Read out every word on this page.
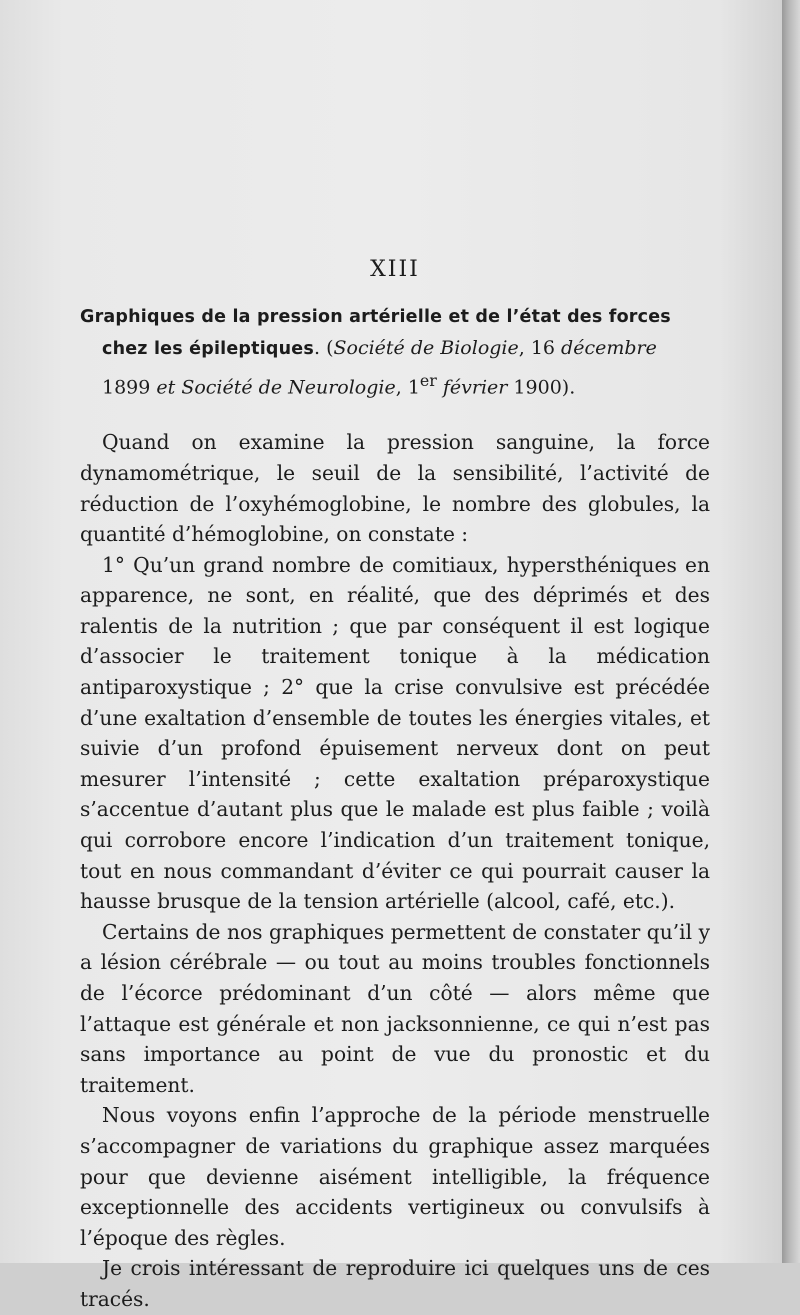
XIII
Graphiques de la pression artérielle et de l’état des forces chez les épileptiques. (Société de Biologie, 16 décembre 1899 et Société de Neurologie, 1er février 1900).

Quand on examine la pression sanguine, la force dynamométrique, le seuil de la sensibilité, l’activité de réduction de l’oxyhémoglobine, le nombre des globules, la quantité d’hémoglobine, on constate :

1° Qu’un grand nombre de comitiaux, hypersthéniques en apparence, ne sont, en réalité, que des déprimés et des ralentis de la nutrition ; que par conséquent il est logique d’associer le traitement tonique à la médication antiparoxystique ; 2° que la crise convulsive est précédée d’une exaltation d’ensemble de toutes les énergies vitales, et suivie d’un profond épuisement nerveux dont on peut mesurer l’intensité ; cette exaltation préparoxystique s’accentue d’autant plus que le malade est plus faible ; voilà qui corrobore encore l’indication d’un traitement tonique, tout en nous commandant d’éviter ce qui pourrait causer la hausse brusque de la tension artérielle (alcool, café, etc.).

Certains de nos graphiques permettent de constater qu’il y a lésion cérébrale — ou tout au moins troubles fonctionnels de l’écorce prédominant d’un côté — alors même que l’attaque est générale et non jacksonnienne, ce qui n’est pas sans importance au point de vue du pronostic et du traitement.

Nous voyons enfin l’approche de la période menstruelle s’accompagner de variations du graphique assez marquées pour que devienne aisément intelligible, la fréquence exceptionnelle des accidents vertigineux ou convulsifs à l’époque des règles.

Je crois intéressant de reproduire ici quelques uns de ces tracés.
